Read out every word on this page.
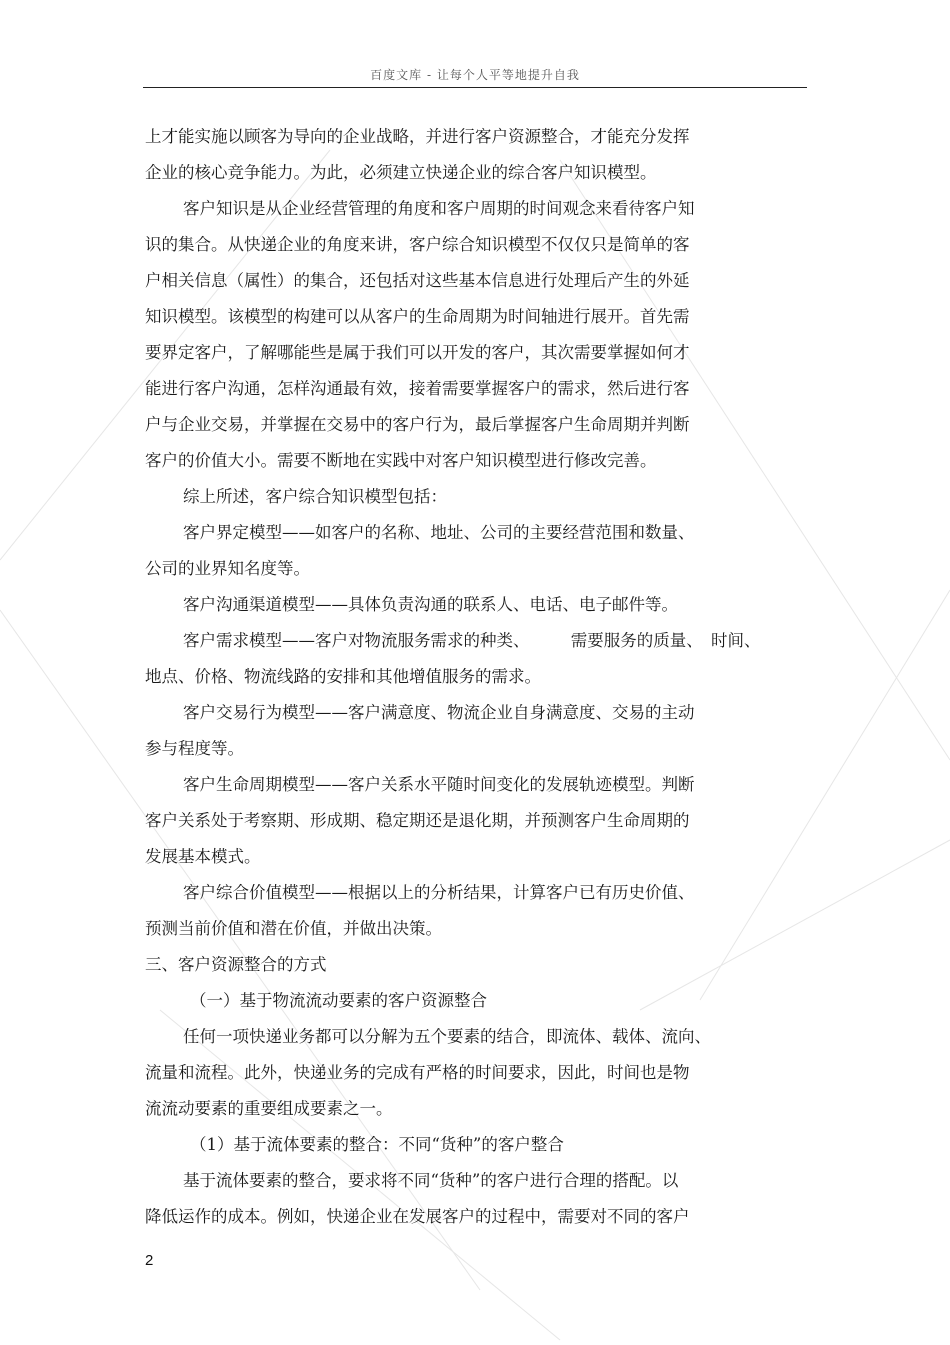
百度文库 - 让每个人平等地提升自我
上才能实施以顾客为导向的企业战略，并进行客户资源整合，才能充分发挥
企业的核心竞争能力。为此，必须建立快递企业的综合客户知识模型。
客户知识是从企业经营管理的角度和客户周期的时间观念来看待客户知
识的集合。从快递企业的角度来讲，客户综合知识模型不仅仅只是简单的客
户相关信息（属性）的集合，还包括对这些基本信息进行处理后产生的外延
知识模型。该模型的构建可以从客户的生命周期为时间轴进行展开。首先需
要界定客户，了解哪能些是属于我们可以开发的客户，其次需要掌握如何才
能进行客户沟通，怎样沟通最有效，接着需要掌握客户的需求，然后进行客
户与企业交易，并掌握在交易中的客户行为，最后掌握客户生命周期并判断
客户的价值大小。需要不断地在实践中对客户知识模型进行修改完善。
综上所述，客户综合知识模型包括：
客户界定模型——如客户的名称、地址、公司的主要经营范围和数量、
公司的业界知名度等。
客户沟通渠道模型——具体负责沟通的联系人、电话、电子邮件等。
客户需求模型——客户对物流服务需求的种类、　　　需要服务的质量、　时间、
地点、价格、物流线路的安排和其他增值服务的需求。
客户交易行为模型——客户满意度、物流企业自身满意度、交易的主动
参与程度等。
客户生命周期模型——客户关系水平随时间变化的发展轨迹模型。判断
客户关系处于考察期、形成期、稳定期还是退化期，并预测客户生命周期的
发展基本模式。
客户综合价值模型——根据以上的分析结果，计算客户已有历史价值、
预测当前价值和潜在价值，并做出决策。
三、客户资源整合的方式
（一）基于物流流动要素的客户资源整合
任何一项快递业务都可以分解为五个要素的结合，即流体、载体、流向、
流量和流程。此外，快递业务的完成有严格的时间要求，因此，时间也是物
流流动要素的重要组成要素之一。
（1）基于流体要素的整合：不同“货种”的客户整合
基于流体要素的整合，要求将不同“货种”的客户进行合理的搭配。以
降低运作的成本。例如，快递企业在发展客户的过程中，需要对不同的客户
2
